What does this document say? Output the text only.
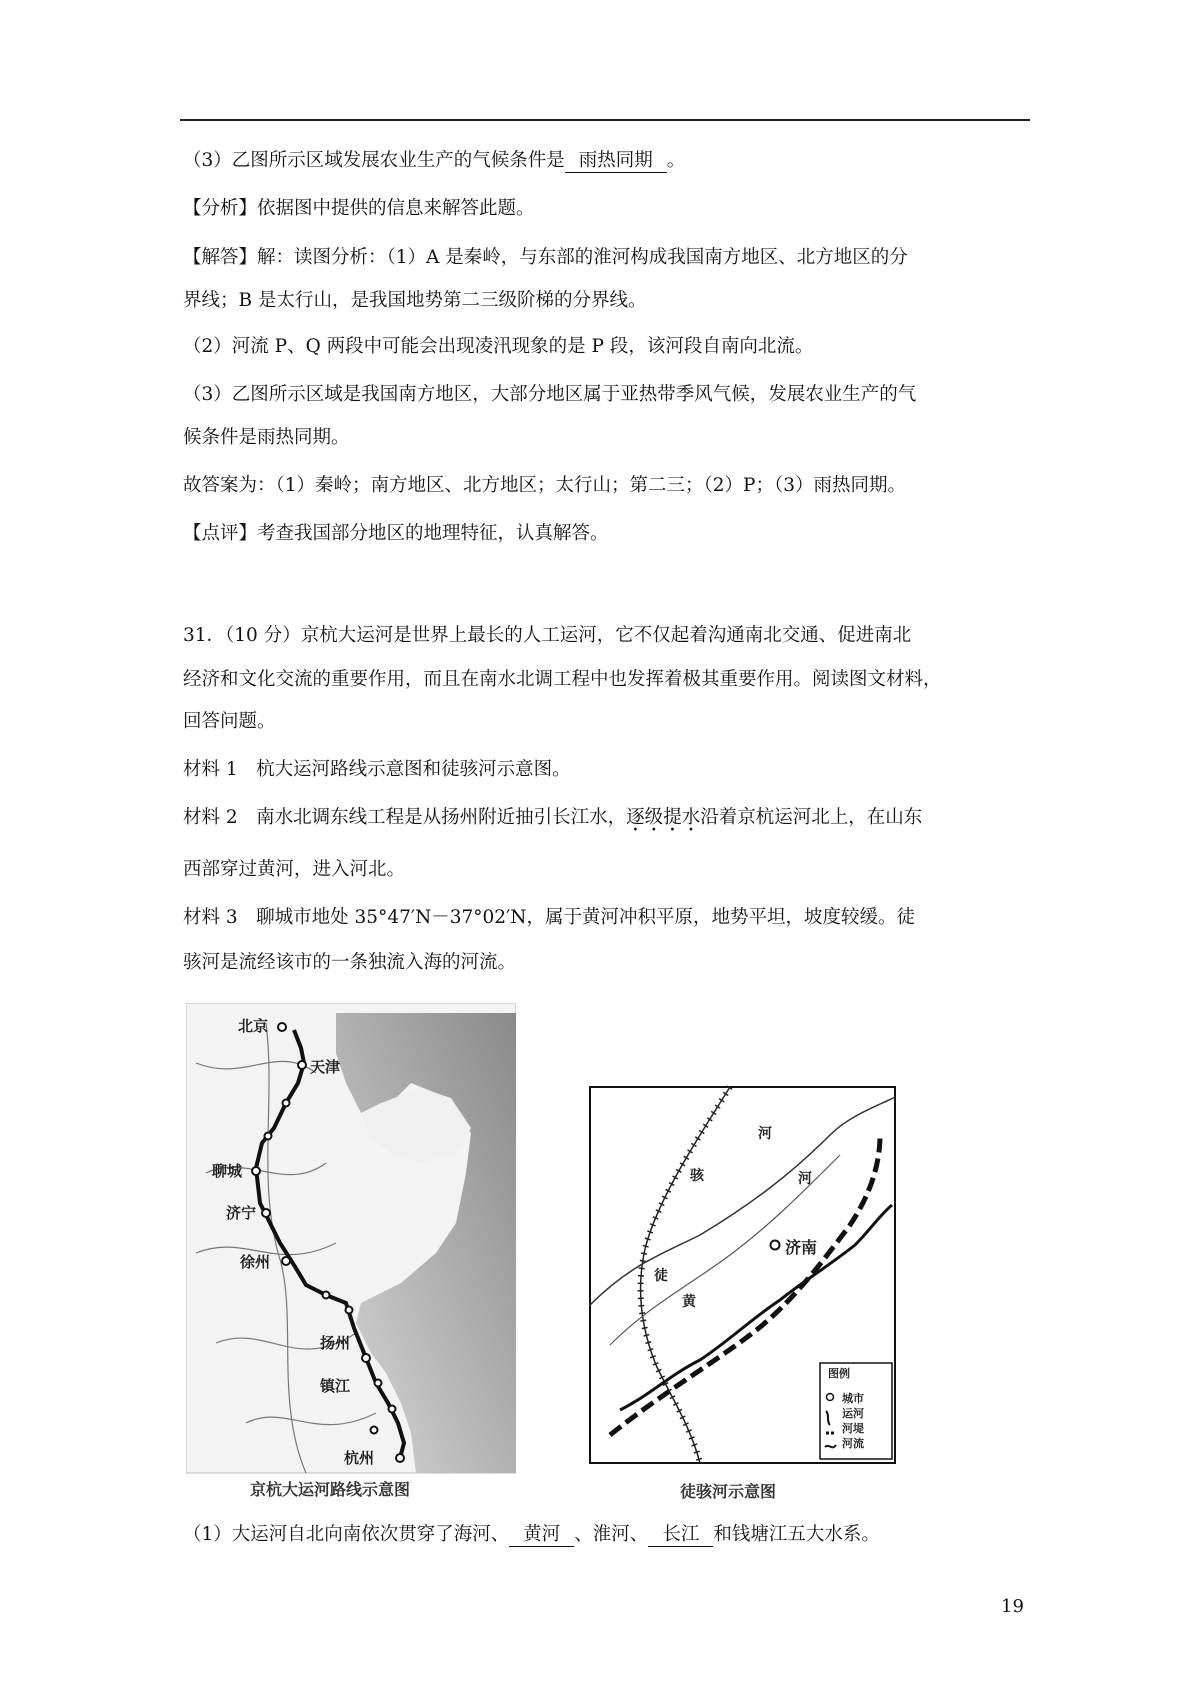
（3）乙图所示区域发展农业生产的气候条件是 雨热同期 。
【分析】依据图中提供的信息来解答此题。
【解答】解：读图分析：（1）A 是秦岭，与东部的淮河构成我国南方地区、北方地区的分
界线；B 是太行山，是我国地势第二三级阶梯的分界线。
（2）河流 P、Q 两段中可能会出现凌汛现象的是 P 段，该河段自南向北流。
（3）乙图所示区域是我国南方地区，大部分地区属于亚热带季风气候，发展农业生产的气
候条件是雨热同期。
故答案为：（1）秦岭；南方地区、北方地区；太行山；第二三；（2）P；（3）雨热同期。
【点评】考查我国部分地区的地理特征，认真解答。
31．（10 分）京杭大运河是世界上最长的人工运河，它不仅起着沟通南北交通、促进南北
经济和文化交流的重要作用，而且在南水北调工程中也发挥着极其重要作用。阅读图文材料，
回答问题。
材料 1　杭大运河路线示意图和徒骇河示意图。
材料 2　南水北调东线工程是从扬州附近抽引长江水，逐级提水沿着京杭运河北上，在山东
西部穿过黄河，进入河北。
材料 3　聊城市地处 35°47′N－37°02′N，属于黄河冲积平原，地势平坦，坡度较缓。徒
骇河是流经该市的一条独流入海的河流。
北京
天津
聊城
济宁
徐州
扬州
镇江
杭州
京杭大运河路线示意图
河
骇	河
徒
黄
济南
图例
城市
运河
河堤
河流
徒骇河示意图
（1）大运河自北向南依次贯穿了海河、 黄河 、淮河、 长江 和钱塘江五大水系。
19
